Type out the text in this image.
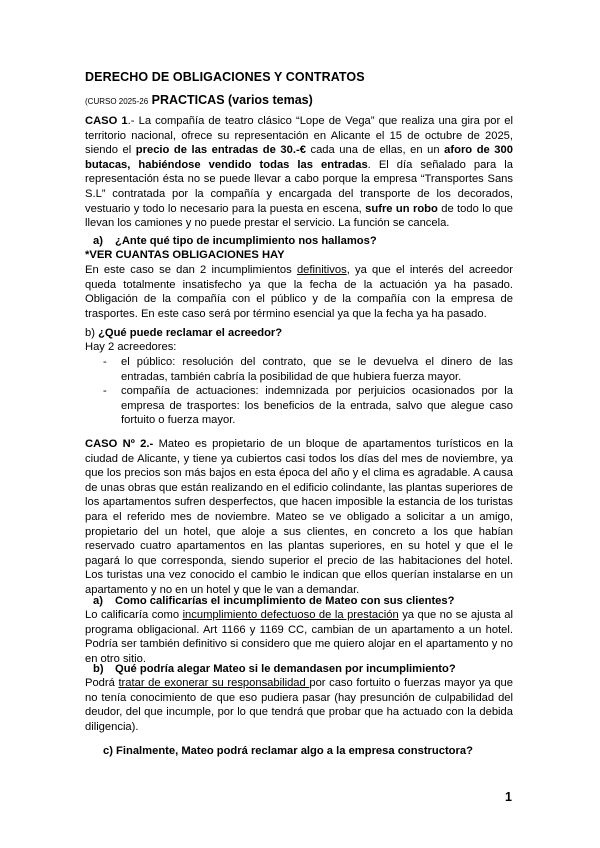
DERECHO DE OBLIGACIONES Y CONTRATOS
(CURSO 2025-26 PRACTICAS (varios temas)

CASO 1.- La compañía de teatro clásico “Lope de Vega” que realiza una gira por el territorio nacional, ofrece su representación en Alicante el 15 de octubre de 2025, siendo el precio de las entradas de 30.-€ cada una de ellas, en un aforo de 300 butacas, habiéndose vendido todas las entradas. El día señalado para la representación ésta no se puede llevar a cabo porque la empresa “Transportes Sans S.L” contratada por la compañía y encargada del transporte de los decorados, vestuario y todo lo necesario para la puesta en escena, sufre un robo de todo lo que llevan los camiones y no puede prestar el servicio. La función se cancela.

a) ¿Ante qué tipo de incumplimiento nos hallamos?
*VER CUANTAS OBLIGACIONES HAY

En este caso se dan 2 incumplimientos definitivos, ya que el interés del acreedor queda totalmente insatisfecho ya que la fecha de la actuación ya ha pasado. Obligación de la compañía con el público y de la compañía con la empresa de trasportes. En este caso será por término esencial ya que la fecha ya ha pasado.

b) ¿Qué puede reclamar el acreedor?
Hay 2 acreedores:
- el público: resolución del contrato, que se le devuelva el dinero de las entradas, también cabría la posibilidad de que hubiera fuerza mayor.
- compañía de actuaciones: indemnizada por perjuicios ocasionados por la empresa de trasportes: los beneficios de la entrada, salvo que alegue caso fortuito o fuerza mayor.

CASO Nº 2.- Mateo es propietario de un bloque de apartamentos turísticos en la ciudad de Alicante, y tiene ya cubiertos casi todos los días del mes de noviembre, ya que los precios son más bajos en esta época del año y el clima es agradable. A causa de unas obras que están realizando en el edificio colindante, las plantas superiores de los apartamentos sufren desperfectos, que hacen imposible la estancia de los turistas para el referido mes de noviembre. Mateo se ve obligado a solicitar a un amigo, propietario del un hotel, que aloje a sus clientes, en concreto a los que habían reservado cuatro apartamentos en las plantas superiores, en su hotel y que el le pagará lo que corresponda, siendo superior el precio de las habitaciones del hotel. Los turistas una vez conocido el cambio le indican que ellos querían instalarse en un apartamento y no en un hotel y que le van a demandar.

a) Como calificarías el incumplimiento de Mateo con sus clientes?

Lo calificaría como incumplimiento defectuoso de la prestación ya que no se ajusta al programa obligacional. Art 1166 y 1169 CC, cambian de un apartamento a un hotel. Podría ser también definitivo si considero que me quiero alojar en el apartamento y no en otro sitio.

b) Qué podría alegar Mateo si le demandasen por incumplimiento?

Podrá tratar de exonerar su responsabilidad por caso fortuito o fuerzas mayor ya que no tenía conocimiento de que eso pudiera pasar (hay presunción de culpabilidad del deudor, del que incumple, por lo que tendrá que probar que ha actuado con la debida diligencia).

c) Finalmente, Mateo podrá reclamar algo a la empresa constructora?
1
